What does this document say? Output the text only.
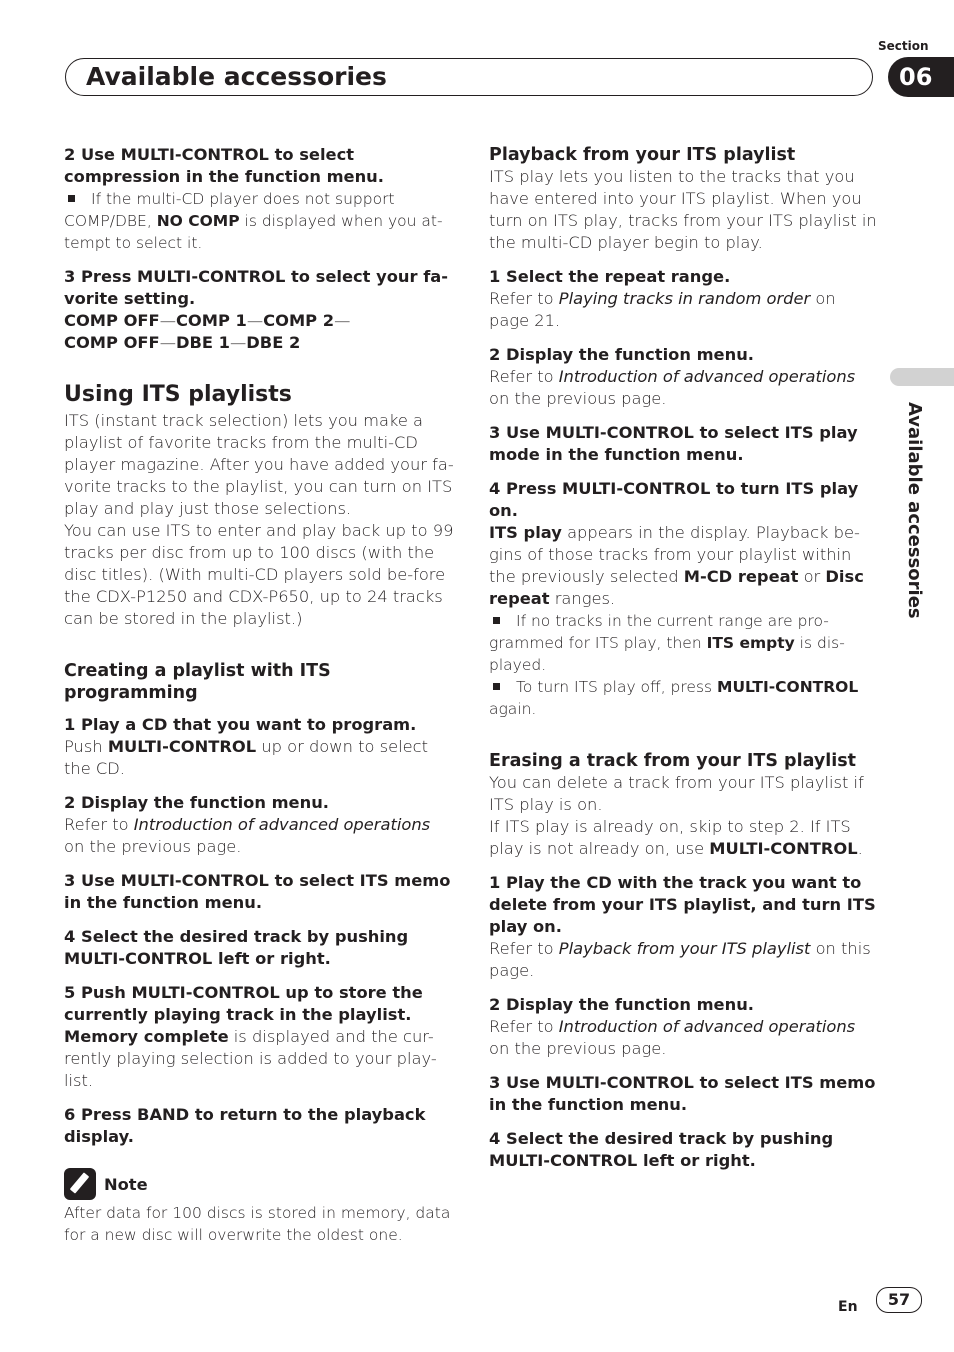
Section
Available accessories	06
Available accessories

2 Use MULTI-CONTROL to select compression in the function menu.

If the multi-CD player does not support COMP/DBE, NO COMP is displayed when you at-tempt to select it.

3 Press MULTI-CONTROL to select your fa-vorite setting.

COMP OFF—COMP 1—COMP 2—

COMP OFF—DBE 1—DBE 2

Using ITS playlists

ITS (instant track selection) lets you make a playlist of favorite tracks from the multi-CD player magazine. After you have added your fa-vorite tracks to the playlist, you can turn on ITS play and play just those selections.

You can use ITS to enter and play back up to 99 tracks per disc from up to 100 discs (with the disc titles). (With multi-CD players sold be-fore the CDX-P1250 and CDX-P650, up to 24 tracks can be stored in the playlist.)

Creating a playlist with ITS programming

1 Play a CD that you want to program.

Push MULTI-CONTROL up or down to select the CD.

2 Display the function menu.

Refer to Introduction of advanced operations on the previous page.

3 Use MULTI-CONTROL to select ITS memo in the function menu.

4 Select the desired track by pushing MULTI-CONTROL left or right.

5 Push MULTI-CONTROL up to store the currently playing track in the playlist.

Memory complete is displayed and the cur-rently playing selection is added to your play-list.

6 Press BAND to return to the playback display.

Note

After data for 100 discs is stored in memory, data for a new disc will overwrite the oldest one.

Playback from your ITS playlist

ITS play lets you listen to the tracks that you have entered into your ITS playlist. When you turn on ITS play, tracks from your ITS playlist in the multi-CD player begin to play.

1 Select the repeat range.

Refer to Playing tracks in random order on page 21.

2 Display the function menu.

Refer to Introduction of advanced operations on the previous page.

3 Use MULTI-CONTROL to select ITS play mode in the function menu.

4 Press MULTI-CONTROL to turn ITS play on.

ITS play appears in the display. Playback be-gins of those tracks from your playlist within the previously selected M-CD repeat or Disc repeat ranges.

If no tracks in the current range are pro-grammed for ITS play, then ITS empty is dis-played.

To turn ITS play off, press MULTI-CONTROL again.

Erasing a track from your ITS playlist

You can delete a track from your ITS playlist if ITS play is on.

If ITS play is already on, skip to step 2. If ITS play is not already on, use MULTI-CONTROL.

1 Play the CD with the track you want to delete from your ITS playlist, and turn ITS play on.

Refer to Playback from your ITS playlist on this page.

2 Display the function menu.

Refer to Introduction of advanced operations on the previous page.

3 Use MULTI-CONTROL to select ITS memo in the function menu.

4 Select the desired track by pushing MULTI-CONTROL left or right.

En	57
